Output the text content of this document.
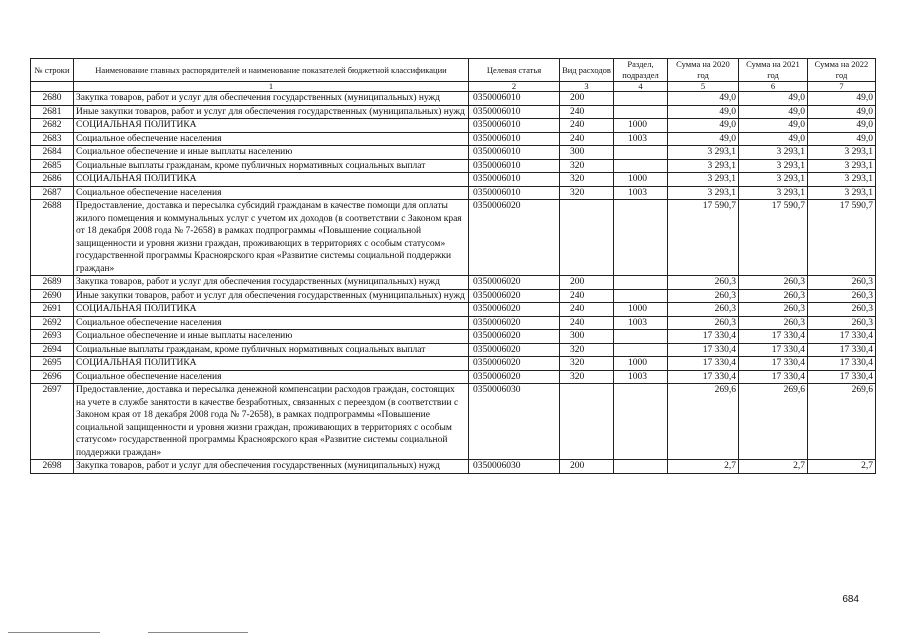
№ строки	Наименование главных распорядителей и наименование показателей бюджетной классификации	Целевая статья	Вид расходов	Раздел, подраздел	Сумма на 2020 год	Сумма на 2021 год	Сумма на 2022 год
	1	2	3	4	5	6	7
2680	Закупка товаров, работ и услуг для обеспечения государственных (муниципальных) нужд	0350006010	200		49,0	49,0	49,0
2681	Иные закупки товаров, работ и услуг для обеспечения государственных (муниципальных) нужд	0350006010	240		49,0	49,0	49,0
2682	СОЦИАЛЬНАЯ ПОЛИТИКА	0350006010	240	1000	49,0	49,0	49,0
2683	Социальное обеспечение населения	0350006010	240	1003	49,0	49,0	49,0
2684	Социальное обеспечение и иные выплаты населению	0350006010	300		3 293,1	3 293,1	3 293,1
2685	Социальные выплаты гражданам, кроме публичных нормативных социальных выплат	0350006010	320		3 293,1	3 293,1	3 293,1
2686	СОЦИАЛЬНАЯ ПОЛИТИКА	0350006010	320	1000	3 293,1	3 293,1	3 293,1
2687	Социальное обеспечение населения	0350006010	320	1003	3 293,1	3 293,1	3 293,1
2688	Предоставление, доставка и пересылка субсидий гражданам в качестве помощи для оплаты жилого помещения и коммунальных услуг с учетом их доходов (в соответствии с Законом края от 18 декабря 2008 года № 7-2658) в рамках подпрограммы «Повышение социальной защищенности и уровня жизни граждан, проживающих в территориях с особым статусом» государственной программы Красноярского края «Развитие системы социальной поддержки граждан»	0350006020			17 590,7	17 590,7	17 590,7
2689	Закупка товаров, работ и услуг для обеспечения государственных (муниципальных) нужд	0350006020	200		260,3	260,3	260,3
2690	Иные закупки товаров, работ и услуг для обеспечения государственных (муниципальных) нужд	0350006020	240		260,3	260,3	260,3
2691	СОЦИАЛЬНАЯ ПОЛИТИКА	0350006020	240	1000	260,3	260,3	260,3
2692	Социальное обеспечение населения	0350006020	240	1003	260,3	260,3	260,3
2693	Социальное обеспечение и иные выплаты населению	0350006020	300		17 330,4	17 330,4	17 330,4
2694	Социальные выплаты гражданам, кроме публичных нормативных социальных выплат	0350006020	320		17 330,4	17 330,4	17 330,4
2695	СОЦИАЛЬНАЯ ПОЛИТИКА	0350006020	320	1000	17 330,4	17 330,4	17 330,4
2696	Социальное обеспечение населения	0350006020	320	1003	17 330,4	17 330,4	17 330,4
2697	Предоставление, доставка и пересылка денежной компенсации расходов граждан, состоящих на учете в службе занятости в качестве безработных, связанных с переездом (в соответствии с Законом края от 18 декабря 2008 года № 7-2658), в рамках подпрограммы «Повышение социальной защищенности и уровня жизни граждан, проживающих в территориях с особым статусом» государственной программы Красноярского края «Развитие системы социальной поддержки граждан»	0350006030			269,6	269,6	269,6
2698	Закупка товаров, работ и услуг для обеспечения государственных (муниципальных) нужд	0350006030	200		2,7	2,7	2,7
684
